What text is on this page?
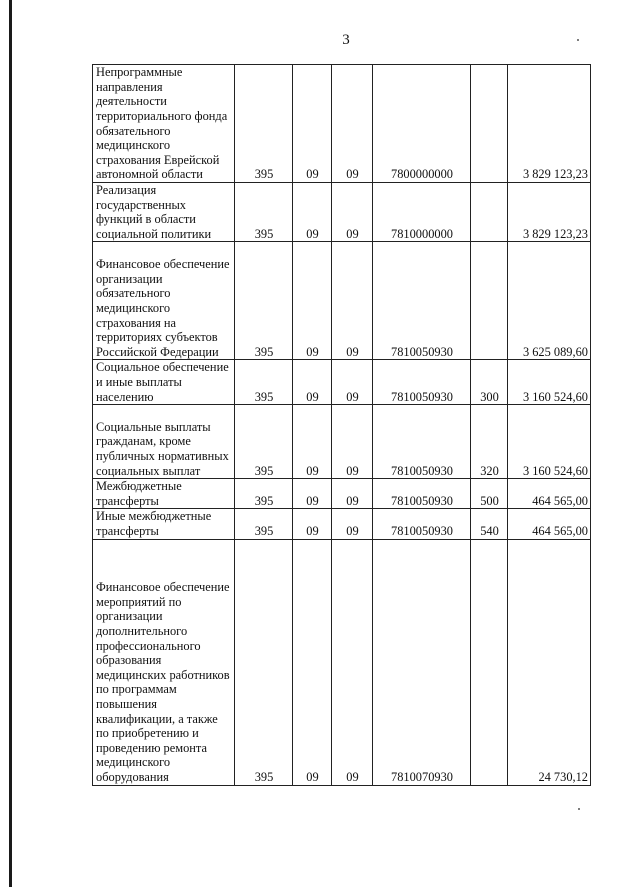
3
Непрограммные направления деятельности территориального фонда обязательного медицинского страхования Еврейской автономной области	395	09	09	7800000000		3 829 123,23
Реализация государственных функций в области социальной политики	395	09	09	7810000000		3 829 123,23
Финансовое обеспечение организации обязательного медицинского страхования на территориях субъектов Российской Федерации	395	09	09	7810050930		3 625 089,60
Социальное обеспечение и иные выплаты населению	395	09	09	7810050930	300	3 160 524,60
Социальные выплаты гражданам, кроме публичных нормативных социальных выплат	395	09	09	7810050930	320	3 160 524,60
Межбюджетные трансферты	395	09	09	7810050930	500	464 565,00
Иные межбюджетные трансферты	395	09	09	7810050930	540	464 565,00
Финансовое обеспечение мероприятий по организации дополнительного профессионального образования медицинских работников по программам повышения квалификации, а также по приобретению и проведению ремонта медицинского оборудования	395	09	09	7810070930		24 730,12
